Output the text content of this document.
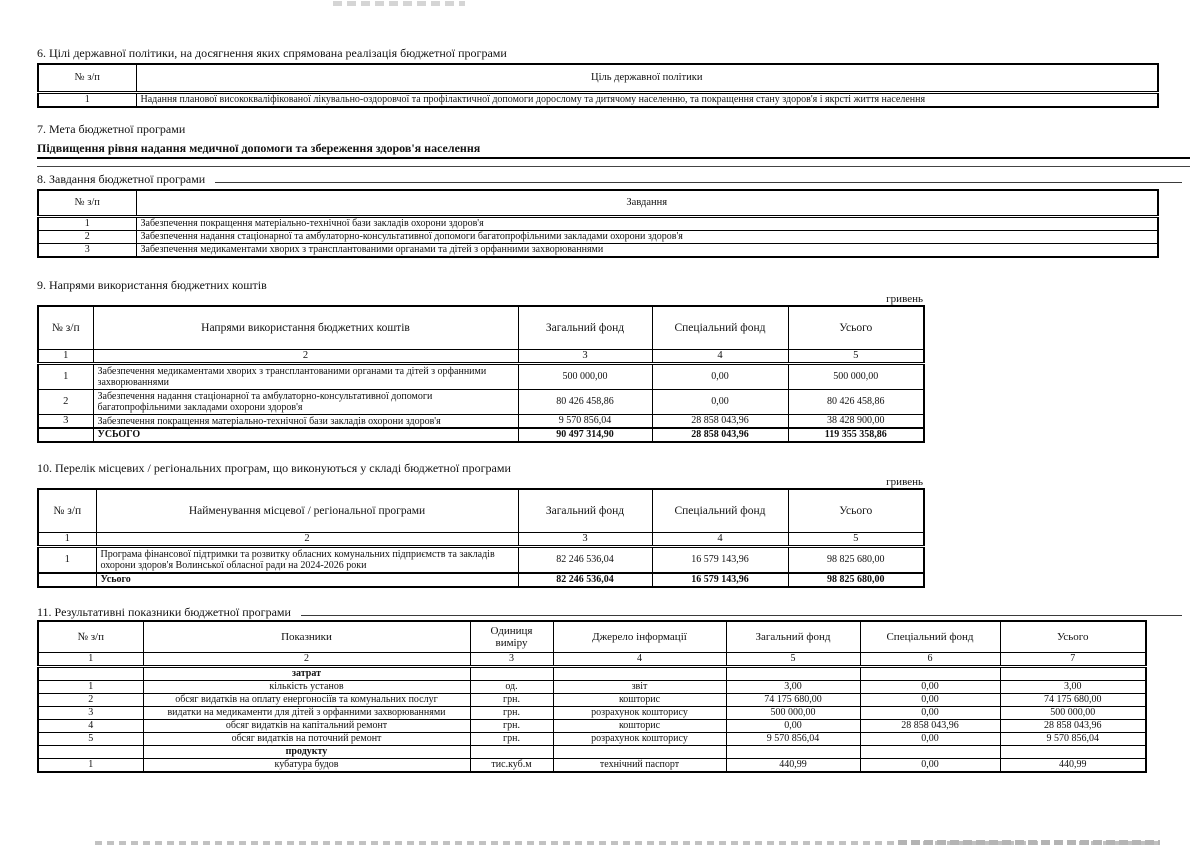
6. Цілі державної політики, на досягнення яких спрямована реалізація бюджетної програми
№ з/п	Ціль державної політики
1	Надання планової висококваліфікованої лікувально-оздоровчої та профілактичної допомоги дорослому та дитячому населенню, та покращення стану здоров'я і якрсті життя населення
7. Мета бюджетної програми
Підвищення рівня надання медичної допомоги та збереження здоров'я населення
8. Завдання бюджетної програми
№ з/п	Завдання
1	Забезпечення покращення матеріально-технічної бази закладів охорони здоров'я
2	Забезпечення надання стаціонарної та амбулаторно-консультативної допомоги багатопрофільними закладами охорони здоров'я
3	Забезпечення медикаментами хворих з трансплантованими органами та дітей з орфанними захворюваннями
9. Напрями використання бюджетних коштів
гривень
№ з/п	Напрями використання бюджетних коштів	Загальний фонд	Спеціальний фонд	Усього
1	2	3	4	5
1	Забезпечення медикаментами хворих з трансплантованими органами та дітей з орфанними захворюваннями	500 000,00	0,00	500 000,00
2	Забезпечення надання стаціонарної та амбулаторно-консультативної допомоги багатопрофільними закладами охорони здоров'я	80 426 458,86	0,00	80 426 458,86
3	Забезпечення покращення матеріально-технічної бази закладів охорони здоров'я	9 570 856,04	28 858 043,96	38 428 900,00
	УСЬОГО	90 497 314,90	28 858 043,96	119 355 358,86
10. Перелік місцевих / регіональних програм, що виконуються у складі бюджетної програми
гривень
№ з/п	Найменування місцевої / регіональної програми	Загальний фонд	Спеціальний фонд	Усього
1	2	3	4	5
1	Програма фінансової підтримки та розвитку обласних комунальних підприємств та закладів охорони здоров'я Волинської обласної ради на 2024-2026 роки	82 246 536,04	16 579 143,96	98 825 680,00
	Усього	82 246 536,04	16 579 143,96	98 825 680,00
11. Результативні показники бюджетної програми
№ з/п	Показники	Одиниця виміру	Джерело інформації	Загальний фонд	Спеціальний фонд	Усього
1	2	3	4	5	6	7
	затрат					
1	кількість установ	од.	звіт	3,00	0,00	3,00
2	обсяг видатків на оплату енергоносіїв та комунальних послуг	грн.	кошторис	74 175 680,00	0,00	74 175 680,00
3	видатки на медикаменти для дітей з орфанними захворюваннями	грн.	розрахунок кошторису	500 000,00	0,00	500 000,00
4	обсяг видатків на капітальний ремонт	грн.	кошторис	0,00	28 858 043,96	28 858 043,96
5	обсяг видатків на поточний ремонт	грн.	розрахунок кошторису	9 570 856,04	0,00	9 570 856,04
	продукту					
1	кубатура будов	тис.куб.м	технічний паспорт	440,99	0,00	440,99
